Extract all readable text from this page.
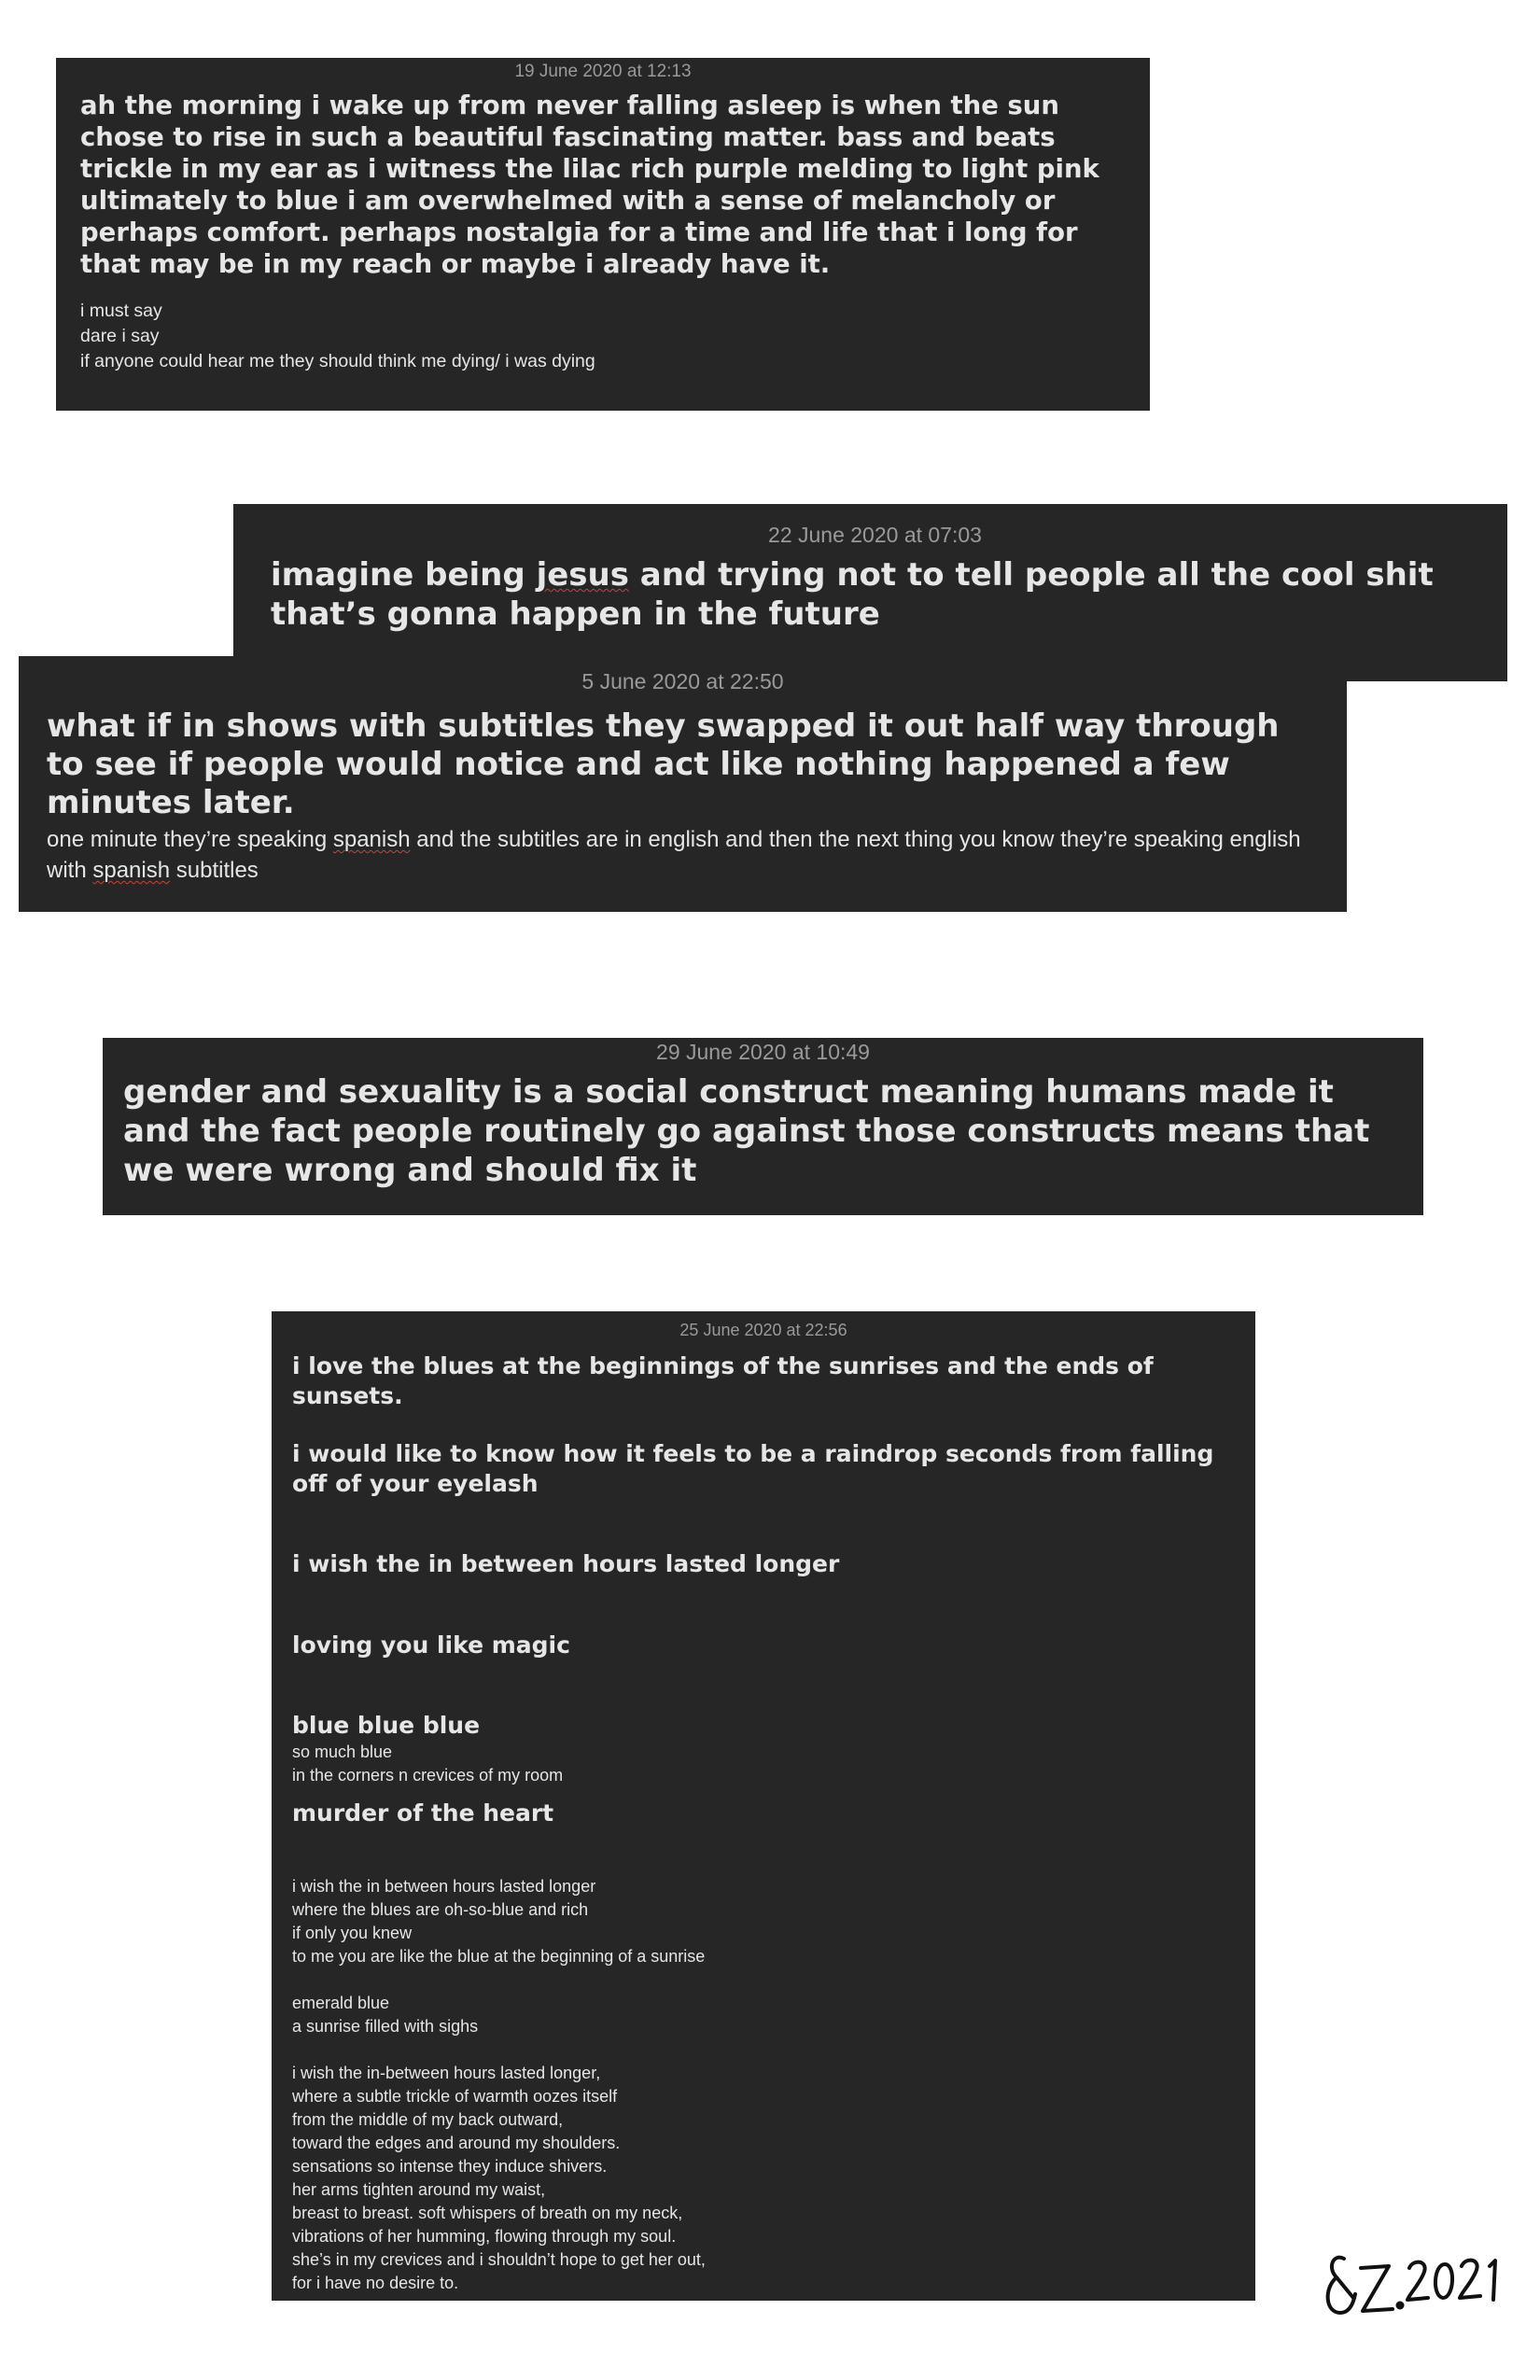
19 June 2020 at 12:13

ah the morning i wake up from never falling asleep is when the sun chose to rise in such a beautiful fascinating matter. bass and beats trickle in my ear as i witness the lilac rich purple melding to light pink ultimately to blue i am overwhelmed with a sense of melancholy or perhaps comfort. perhaps nostalgia for a time and life that i long for that may be in my reach or maybe i already have it.

i must say
dare i say
if anyone could hear me they should think me dying/ i was dying
22 June 2020 at 07:03

imagine being jesus and trying not to tell people all the cool shit that’s gonna happen in the future

5 June 2020 at 22:50

what if in shows with subtitles they swapped it out half way through to see if people would notice and act like nothing happened a few minutes later.

one minute they’re speaking spanish and the subtitles are in english and then the next thing you know they’re speaking english with spanish subtitles

29 June 2020 at 10:49

gender and sexuality is a social construct meaning humans made it and the fact people routinely go against those constructs means that we were wrong and should fix it

25 June 2020 at 22:56

i love the blues at the beginnings of the sunrises and the ends of sunsets.

i would like to know how it feels to be a raindrop seconds from falling off of your eyelash

i wish the in between hours lasted longer

loving you like magic

blue blue blue

so much blue
in the corners n crevices of my room

murder of the heart

i wish the in between hours lasted longer
where the blues are oh-so-blue and rich
if only you knew
to me you are like the blue at the beginning of a sunrise
emerald blue
a sunrise filled with sighs
i wish the in-between hours lasted longer,
where a subtle trickle of warmth oozes itself
from the middle of my back outward,
toward the edges and around my shoulders.
sensations so intense they induce shivers.
her arms tighten around my waist,
breast to breast. soft whispers of breath on my neck,
vibrations of her humming, flowing through my soul.
she’s in my crevices and i shouldn’t hope to get her out,
for i have no desire to.
